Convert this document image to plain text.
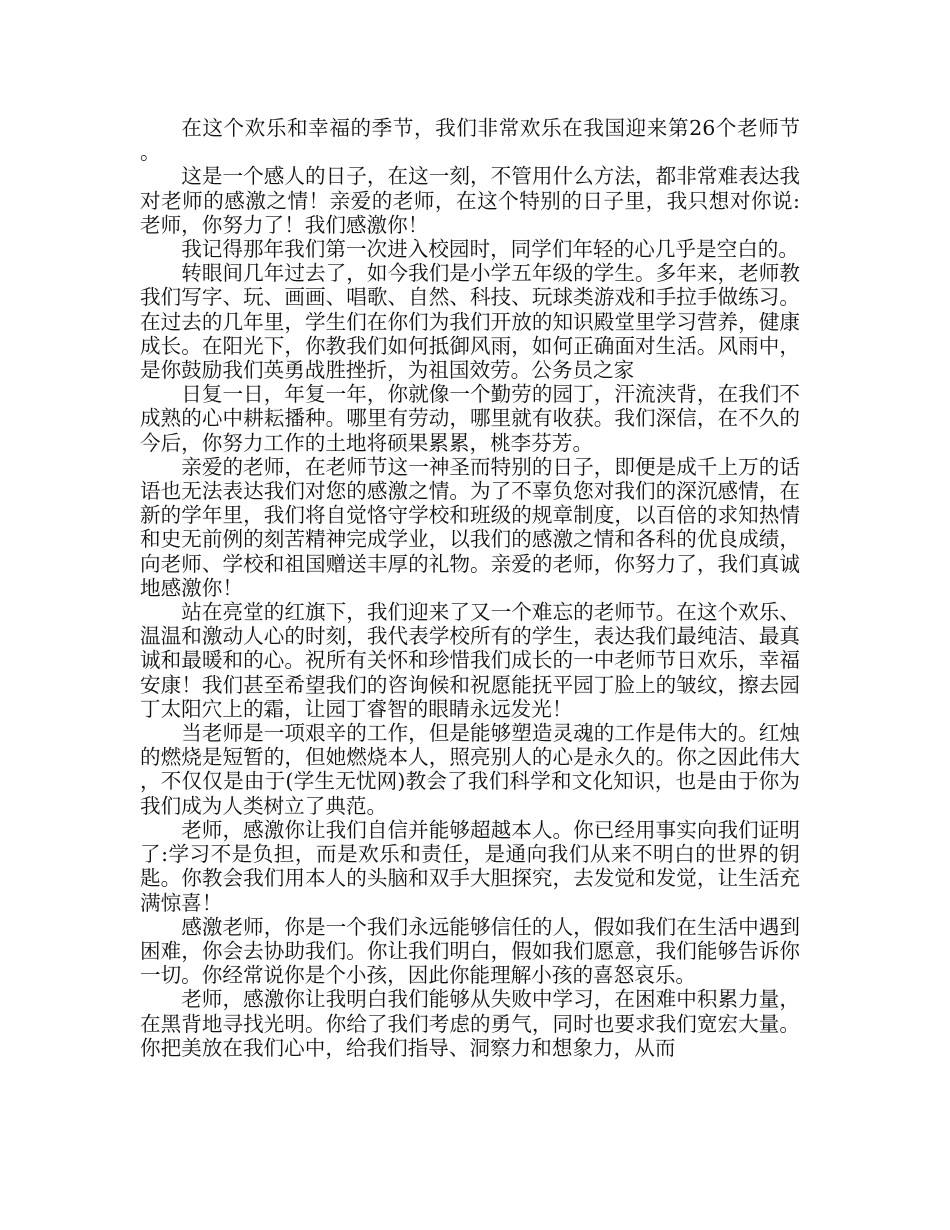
在这个欢乐和幸福的季节，我们非常欢乐在我国迎来第26个老师节。

这是一个感人的日子，在这一刻，不管用什么方法，都非常难表达我对老师的感激之情！亲爱的老师，在这个特别的日子里，我只想对你说:老师，你努力了！我们感激你！

我记得那年我们第一次进入校园时，同学们年轻的心几乎是空白的。

转眼间几年过去了，如今我们是小学五年级的学生。多年来，老师教我们写字、玩、画画、唱歌、自然、科技、玩球类游戏和手拉手做练习。在过去的几年里，学生们在你们为我们开放的知识殿堂里学习营养，健康成长。在阳光下，你教我们如何抵御风雨，如何正确面对生活。风雨中，是你鼓励我们英勇战胜挫折，为祖国效劳。公务员之家

日复一日，年复一年，你就像一个勤劳的园丁，汗流浃背，在我们不成熟的心中耕耘播种。哪里有劳动，哪里就有收获。我们深信，在不久的今后，你努力工作的土地将硕果累累，桃李芬芳。

亲爱的老师，在老师节这一神圣而特别的日子，即便是成千上万的话语也无法表达我们对您的感激之情。为了不辜负您对我们的深沉感情，在新的学年里，我们将自觉恪守学校和班级的规章制度，以百倍的求知热情和史无前例的刻苦精神完成学业，以我们的感激之情和各科的优良成绩，向老师、学校和祖国赠送丰厚的礼物。亲爱的老师，你努力了，我们真诚地感激你！

站在亮堂的红旗下，我们迎来了又一个难忘的老师节。在这个欢乐、温温和激动人心的时刻，我代表学校所有的学生，表达我们最纯洁、最真诚和最暖和的心。祝所有关怀和珍惜我们成长的一中老师节日欢乐，幸福安康！我们甚至希望我们的咨询候和祝愿能抚平园丁脸上的皱纹，擦去园丁太阳穴上的霜，让园丁睿智的眼睛永远发光！

当老师是一项艰辛的工作，但是能够塑造灵魂的工作是伟大的。红烛的燃烧是短暂的，但她燃烧本人，照亮别人的心是永久的。你之因此伟大，不仅仅是由于(学生无忧网)教会了我们科学和文化知识，也是由于你为我们成为人类树立了典范。

老师，感激你让我们自信并能够超越本人。你已经用事实向我们证明了:学习不是负担，而是欢乐和责任，是通向我们从来不明白的世界的钥匙。你教会我们用本人的头脑和双手大胆探究，去发觉和发觉，让生活充满惊喜！

感激老师，你是一个我们永远能够信任的人，假如我们在生活中遇到困难，你会去协助我们。你让我们明白，假如我们愿意，我们能够告诉你一切。你经常说你是个小孩，因此你能理解小孩的喜怒哀乐。

老师，感激你让我明白我们能够从失败中学习，在困难中积累力量，在黑背地寻找光明。你给了我们考虑的勇气，同时也要求我们宽宏大量。你把美放在我们心中，给我们指导、洞察力和想象力，从而
